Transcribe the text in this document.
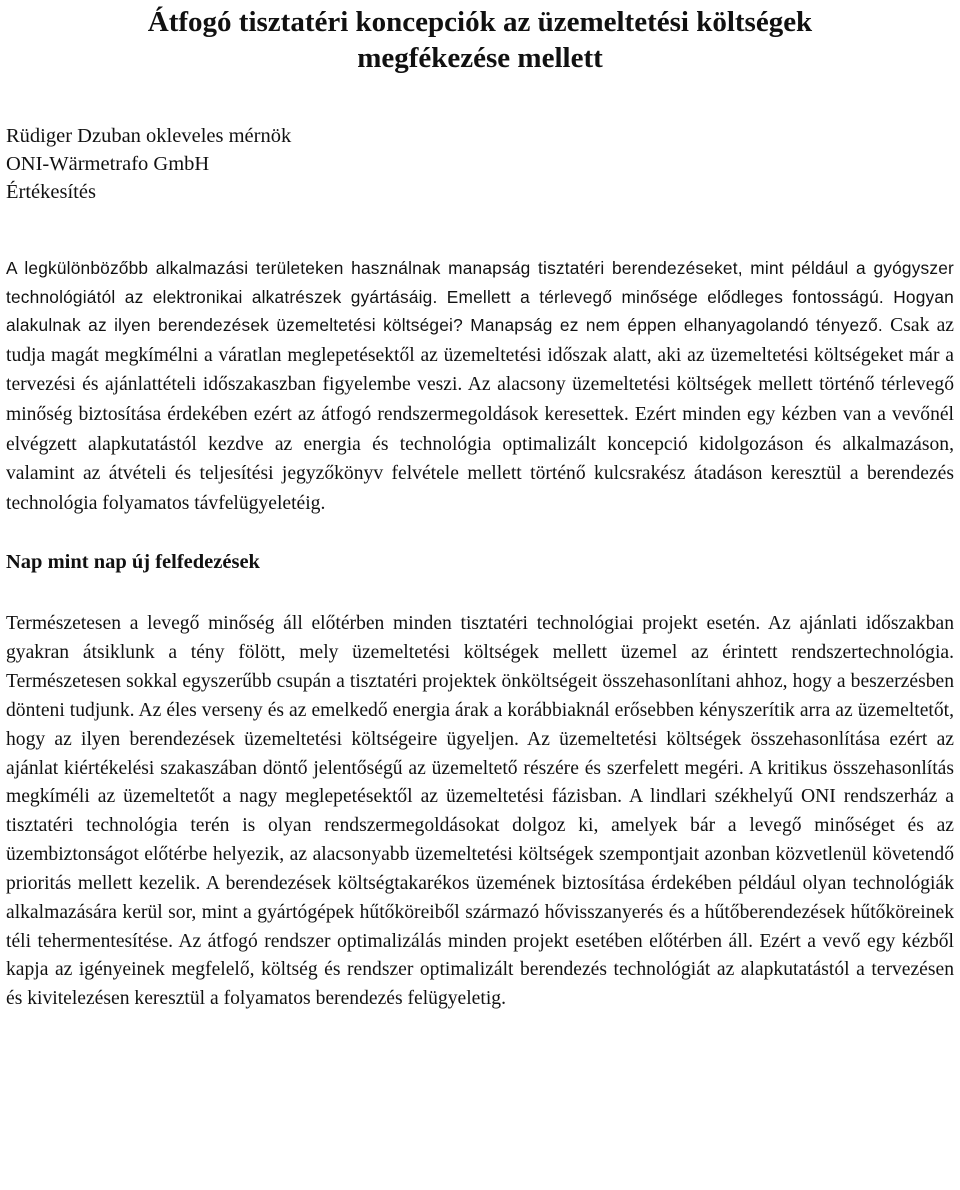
Átfogó tisztatéri koncepciók az üzemeltetési költségek
megfékezése mellett
Rüdiger Dzuban okleveles mérnök
ONI-Wärmetrafo GmbH
Értékesítés

A legkülönbözőbb alkalmazási területeken használnak manapság tisztatéri berendezéseket, mint például a gyógyszer technológiától az elektronikai alkatrészek gyártásáig. Emellett a térlevegő minősége elődleges fontosságú. Hogyan alakulnak az ilyen berendezések üzemeltetési költségei? Manapság ez nem éppen elhanyagolandó tényező. Csak az tudja magát megkímélni a váratlan meglepetésektől az üzemeltetési időszak alatt, aki az üzemeltetési költségeket már a tervezési és ajánlattételi időszakaszban figyelembe veszi. Az alacsony üzemeltetési költségek mellett történő térlevegő minőség biztosítása érdekében ezért az átfogó rendszermegoldások keresettek. Ezért minden egy kézben van a vevőnél elvégzett alapkutatástól kezdve az energia és technológia optimalizált koncepció kidolgozáson és alkalmazáson, valamint az átvételi és teljesítési jegyzőkönyv felvétele mellett történő kulcsrakész átadáson keresztül a berendezés technológia folyamatos távfelügyeletéig.

Nap mint nap új felfedezések

Természetesen a levegő minőség áll előtérben minden tisztatéri technológiai projekt esetén. Az ajánlati időszakban gyakran átsiklunk a tény fölött, mely üzemeltetési költségek mellett üzemel az érintett rendszertechnológia. Természetesen sokkal egyszerűbb csupán a tisztatéri projektek önköltségeit összehasonlítani ahhoz, hogy a beszerzésben dönteni tudjunk. Az éles verseny és az emelkedő energia árak a korábbiaknál erősebben kényszerítik arra az üzemeltetőt, hogy az ilyen berendezések üzemeltetési költségeire ügyeljen. Az üzemeltetési költségek összehasonlítása ezért az ajánlat kiértékelési szakaszában döntő jelentőségű az üzemeltető részére és szerfelett megéri. A kritikus összehasonlítás megkíméli az üzemeltetőt a nagy meglepetésektől az üzemeltetési fázisban. A lindlari székhelyű ONI rendszerház a tisztatéri technológia terén is olyan rendszermegoldásokat dolgoz ki, amelyek bár a levegő minőséget és az üzembiztonságot előtérbe helyezik, az alacsonyabb üzemeltetési költségek szempontjait azonban közvetlenül követendő prioritás mellett kezelik. A berendezések költségtakarékos üzemének biztosítása érdekében például olyan technológiák alkalmazására kerül sor, mint a gyártógépek hűtőköreiből származó hővisszanyerés és a hűtőberendezések hűtőköreinek téli tehermentesítése. Az átfogó rendszer optimalizálás minden projekt esetében előtérben áll. Ezért a vevő egy kézből kapja az igényeinek megfelelő, költség és rendszer optimalizált berendezés technológiát az alapkutatástól a tervezésen és kivitelezésen keresztül a folyamatos berendezés felügyeletig.
